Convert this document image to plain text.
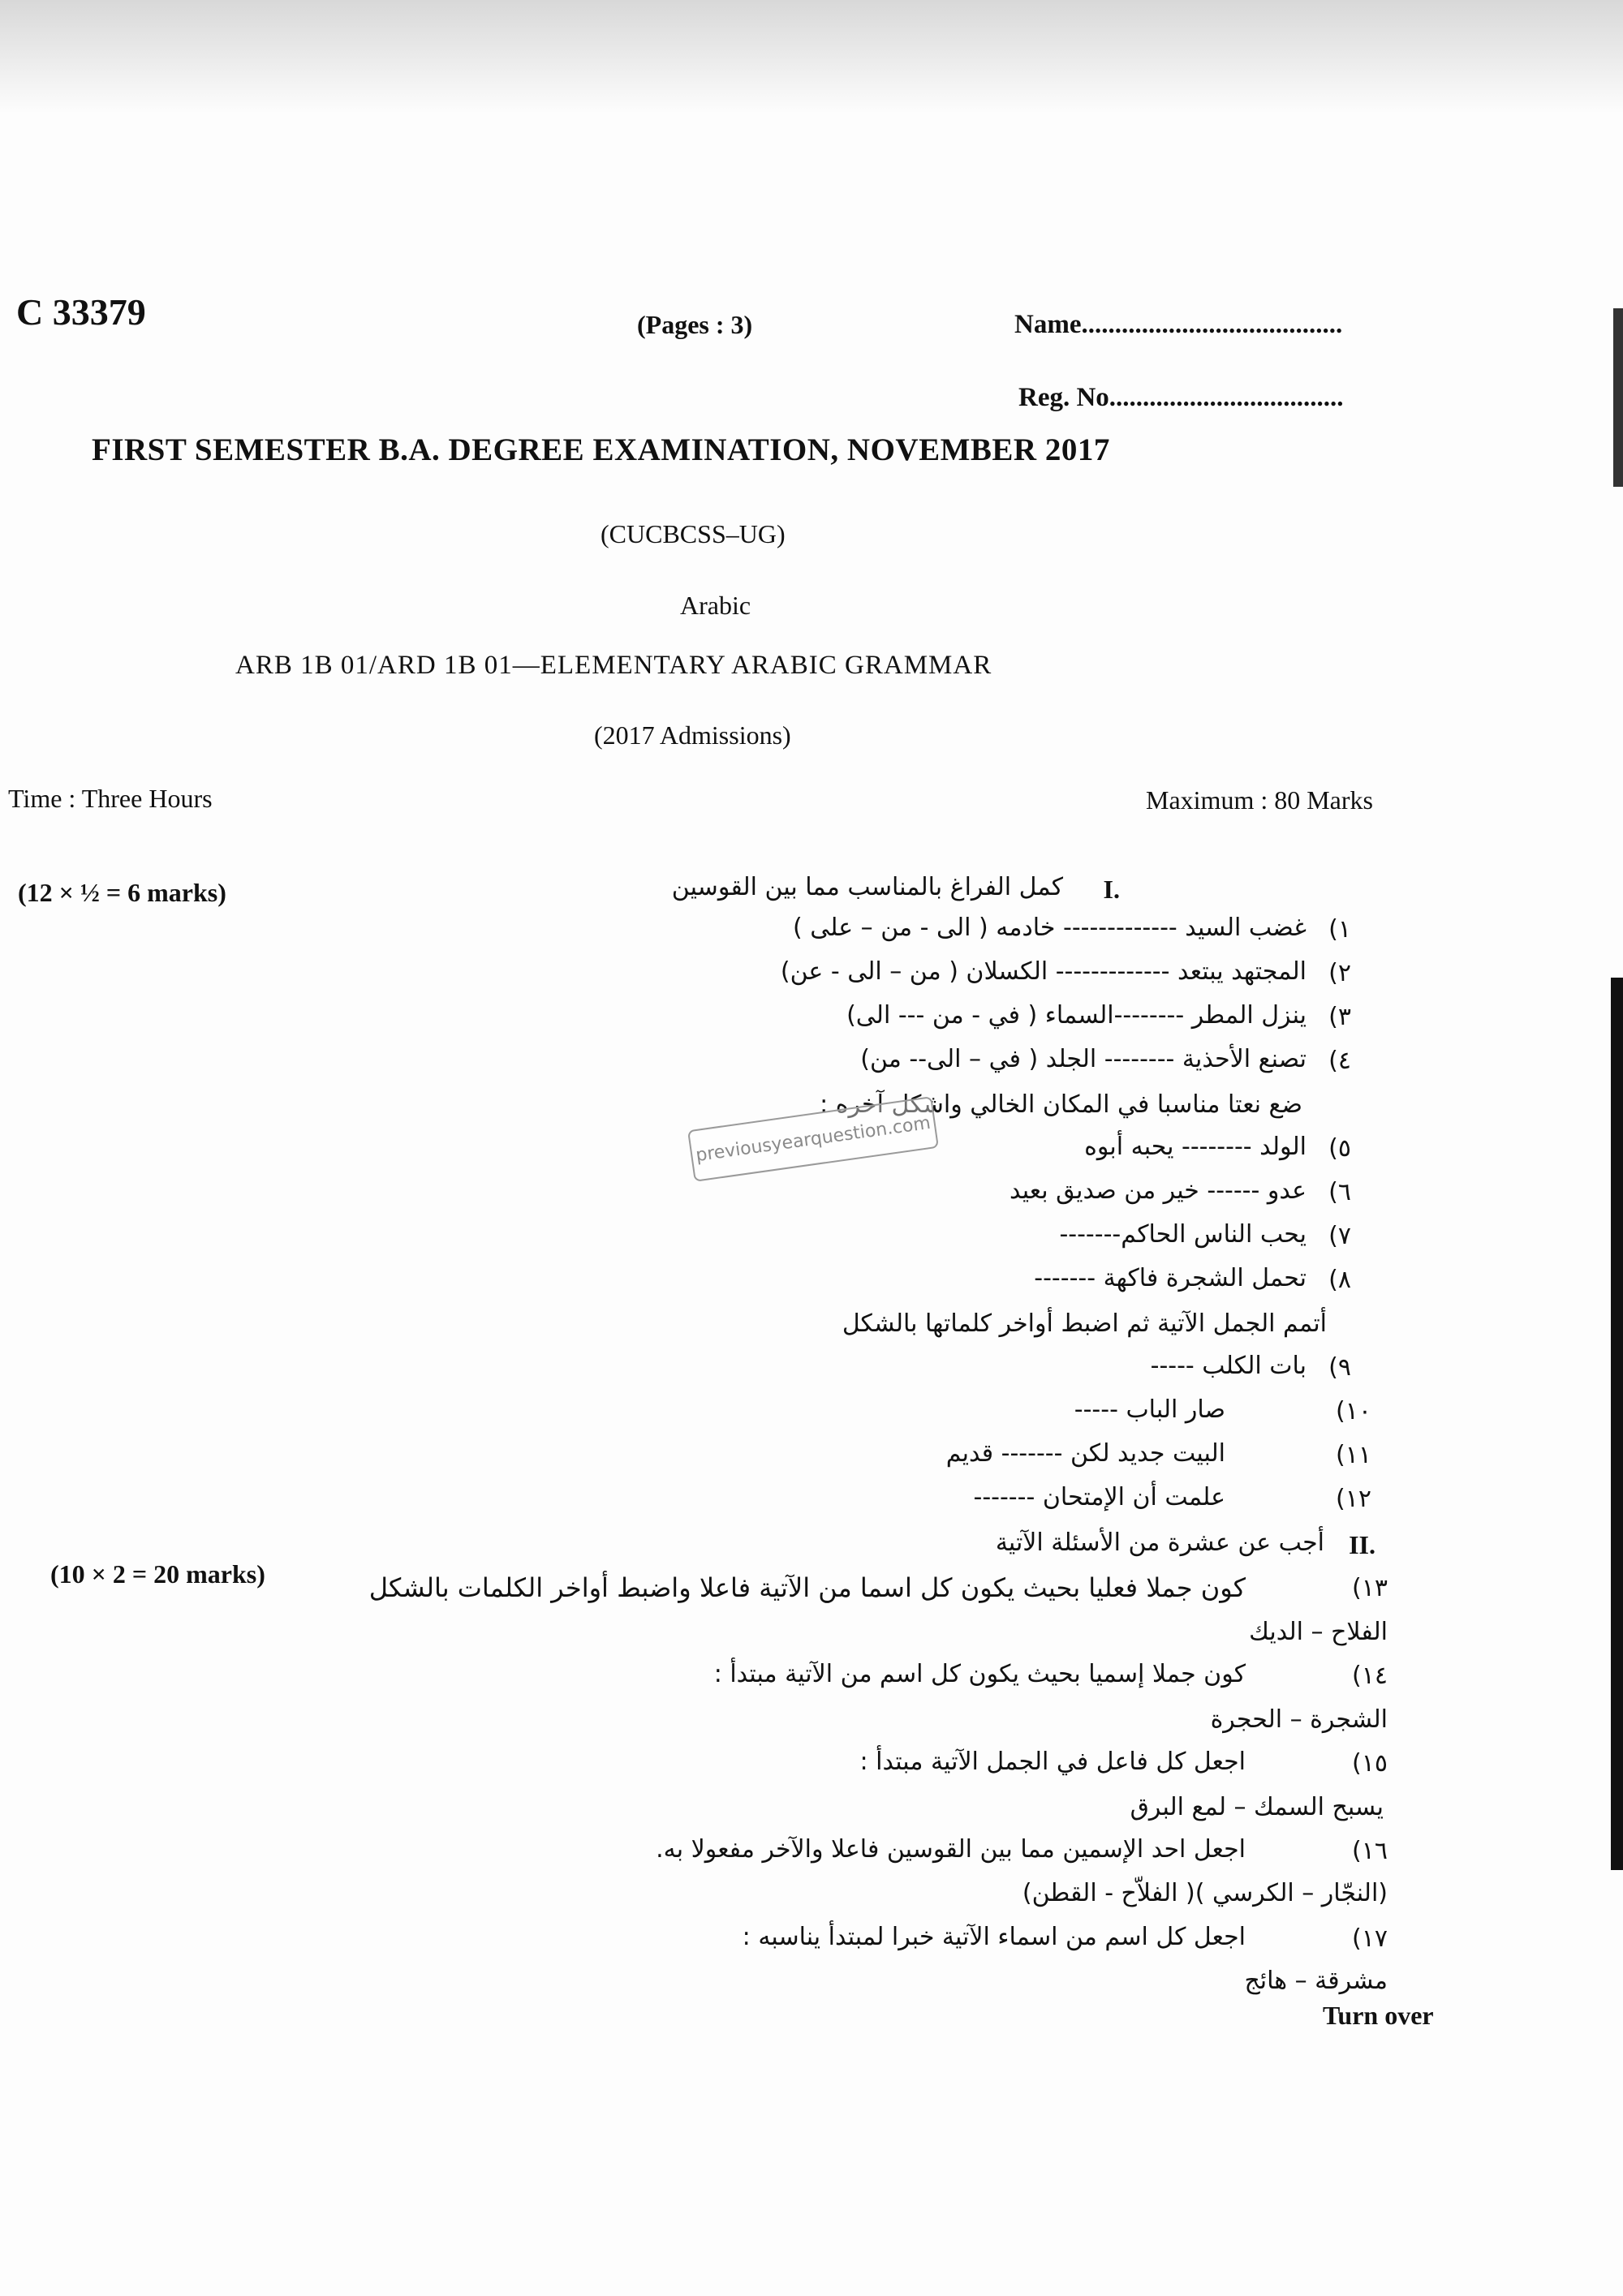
C 33379	(Pages : 3)	Name.......................................
Reg. No...................................
FIRST SEMESTER B.A. DEGREE EXAMINATION, NOVEMBER 2017
(CUCBCSS–UG)
Arabic
ARB 1B 01/ARD 1B 01—ELEMENTARY ARABIC GRAMMAR
(2017 Admissions)
Time : Three Hours	Maximum : 80 Marks
(12 × ½ = 6 marks)	I.
كمل الفراغ بالمناسب مما بين القوسين
١)
غضب السيد ------------- خادمه ( الى - من – على )
٢)
المجتهد يبتعد ------------- الكسلان ( من – الى - عن)
٣)
ينزل المطر --------السماء ( في - من --- الى)
٤)
تصنع الأحذية -------- الجلد ( في – الى-- من)
ضع نعتا مناسبا في المكان الخالي واشكل آخره :
٥)
الولد -------- يحبه أبوه
٦)
عدو ------ خير من صديق بعيد
٧)
يحب الناس الحاكم-------
٨)
تحمل الشجرة فاكهة -------
أتمم الجمل الآتية ثم اضبط أواخر كلماتها بالشكل
٩)
بات الكلب -----
١٠)
صار الباب -----
١١)
البيت جديد لكن ------- قديم
١٢)
علمت أن الإمتحان -------
II.
أجب عن عشرة من الأسئلة الآتية
(10 × 2 = 20 marks)	١٣)
كون جملا فعليا بحيث يكون كل اسما من الآتية فاعلا واضبط أواخر الكلمات بالشكل
الفلاح – الديك
١٤)
كون جملا إسميا بحيث يكون كل اسم من الآتية مبتدأ :
الشجرة – الحجرة
١٥)
اجعل كل فاعل في الجمل الآتية مبتدأ :
يسبح السمك – لمع البرق
١٦)
اجعل احد الإسمين مما بين القوسين فاعلا والآخر مفعولا به.
(النجّار – الكرسي )( الفلاّح - القطن)
١٧)
اجعل كل اسم من اسماء الآتية خبرا لمبتدأ يناسبه :
مشرقة – هائج
Turn over
previousyearquestion.com
